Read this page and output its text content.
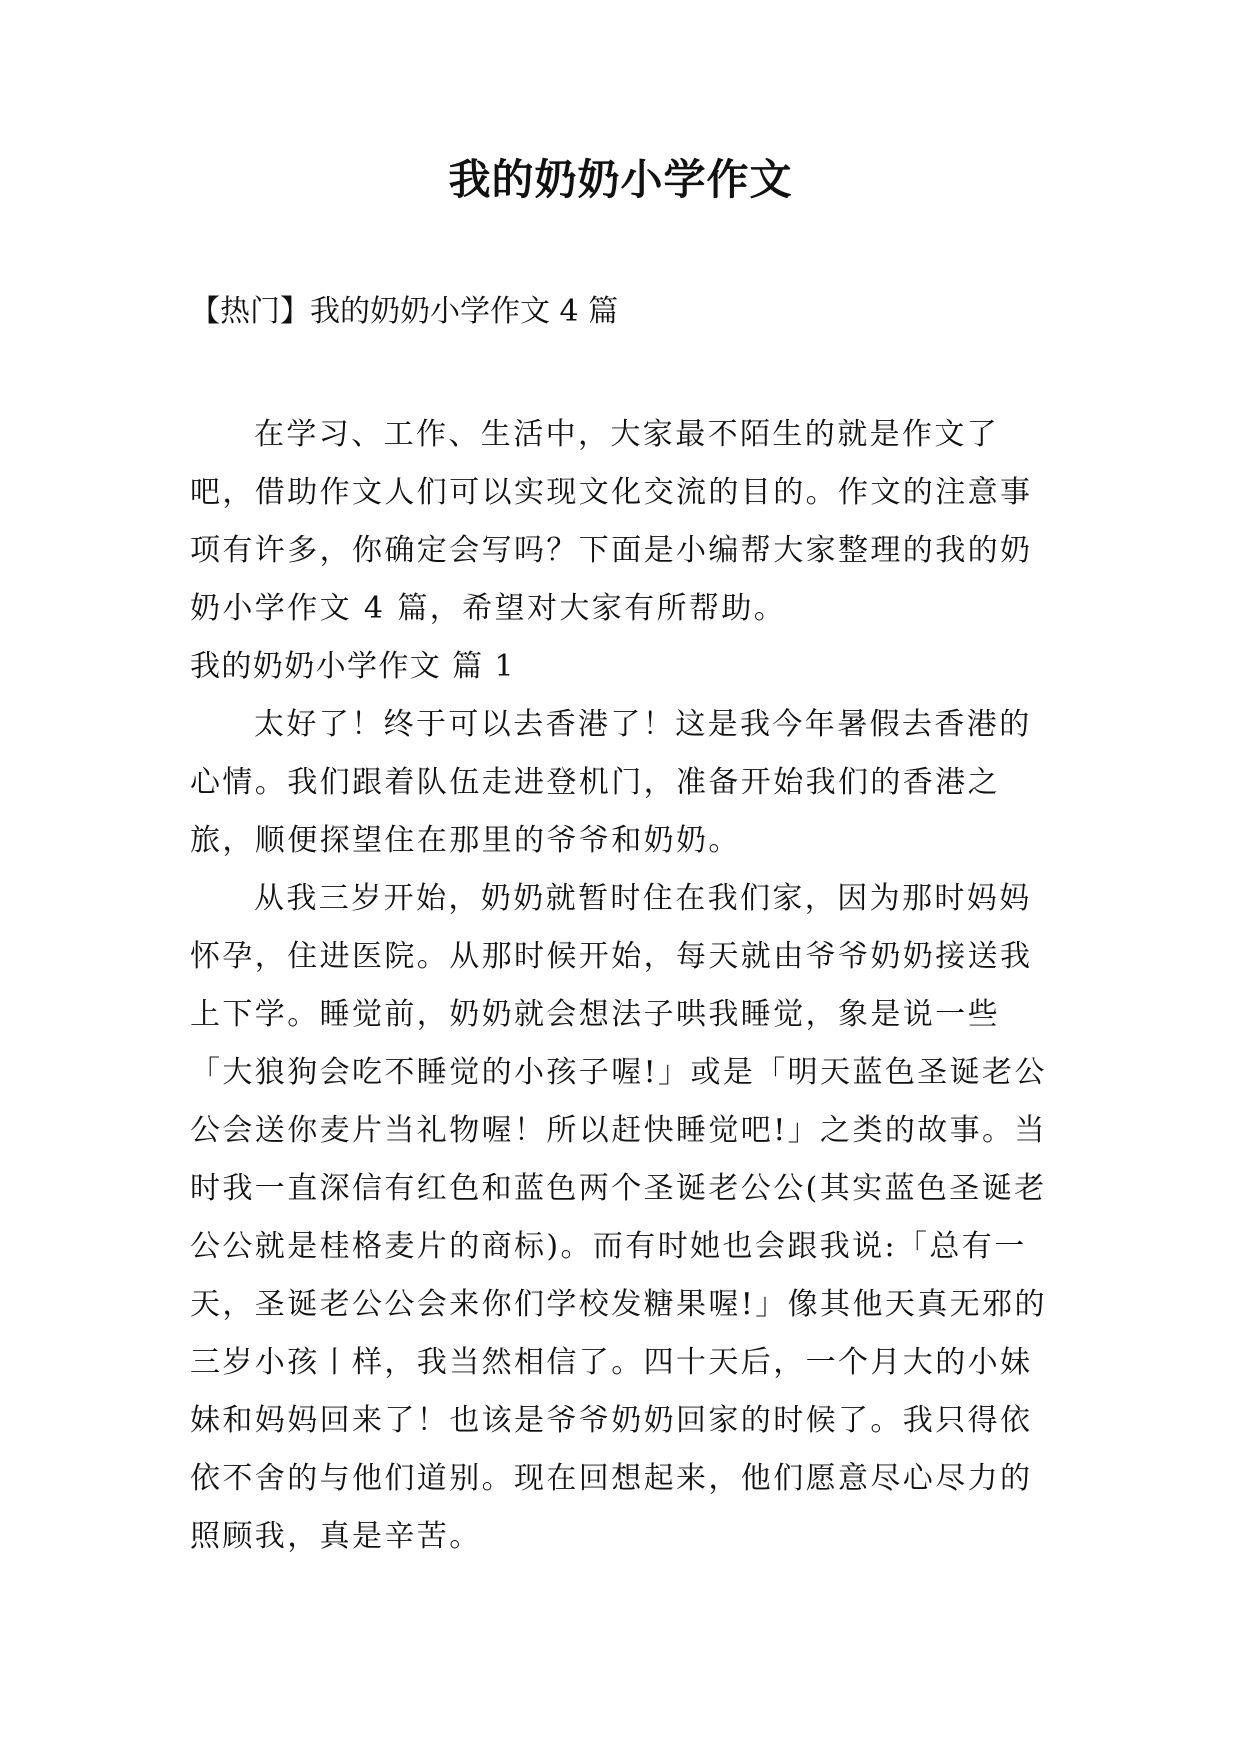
我的奶奶小学作文
【热门】我的奶奶小学作文 4 篇

在学习、工作、生活中，大家最不陌生的就是作文了吧，借助作文人们可以实现文化交流的目的。作文的注意事项有许多，你确定会写吗？下面是小编帮大家整理的我的奶奶小学作文 4 篇，希望对大家有所帮助。

我的奶奶小学作文 篇 1

太好了！终于可以去香港了！这是我今年暑假去香港的心情。我们跟着队伍走进登机门，准备开始我们的香港之旅，顺便探望住在那里的爷爷和奶奶。

从我三岁开始，奶奶就暂时住在我们家，因为那时妈妈怀孕，住进医院。从那时候开始，每天就由爷爷奶奶接送我上下学。睡觉前，奶奶就会想法子哄我睡觉，象是说一些「大狼狗会吃不睡觉的小孩子喔!」或是「明天蓝色圣诞老公公会送你麦片当礼物喔！所以赶快睡觉吧!」之类的故事。当时我一直深信有红色和蓝色两个圣诞老公公(其实蓝色圣诞老公公就是桂格麦片的商标)。而有时她也会跟我说:「总有一天，圣诞老公公会来你们学校发糖果喔!」像其他天真无邪的三岁小孩丨样，我当然相信了。四十天后，一个月大的小妹妹和妈妈回来了！也该是爷爷奶奶回家的时候了。我只得依依不舍的与他们道别。现在回想起来，他们愿意尽心尽力的照顾我，真是辛苦。
